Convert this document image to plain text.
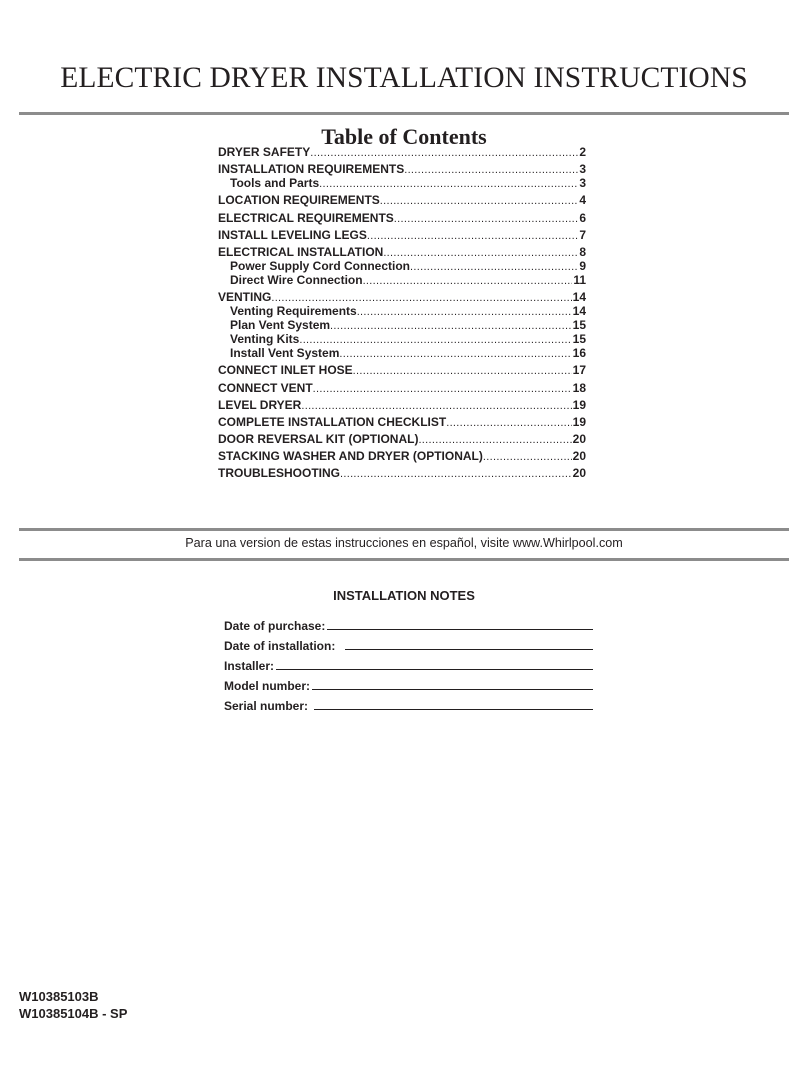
ELECTRIC DRYER INSTALLATION INSTRUCTIONS
Table of Contents
DRYER SAFETY .....	2
INSTALLATION REQUIREMENTS .....	3
Tools and Parts .....	3
LOCATION REQUIREMENTS .....	4
ELECTRICAL REQUIREMENTS .....	6
INSTALL LEVELING LEGS .....	7
ELECTRICAL INSTALLATION .....	8
Power Supply Cord Connection .....	9
Direct Wire Connection .....	11
VENTING .....	14
Venting Requirements .....	14
Plan Vent System .....	15
Venting Kits .....	15
Install Vent System .....	16
CONNECT INLET HOSE .....	17
CONNECT VENT .....	18
LEVEL DRYER .....	19
COMPLETE INSTALLATION CHECKLIST .....	19
DOOR REVERSAL KIT (OPTIONAL) .....	20
STACKING WASHER AND DRYER (OPTIONAL) .....	20
TROUBLESHOOTING .....	20
Para una version de estas instrucciones en español, visite www.Whirlpool.com
INSTALLATION NOTES
Date of purchase:
Date of installation:
Installer:
Model number:
Serial number:
W10385103B
W10385104B - SP
